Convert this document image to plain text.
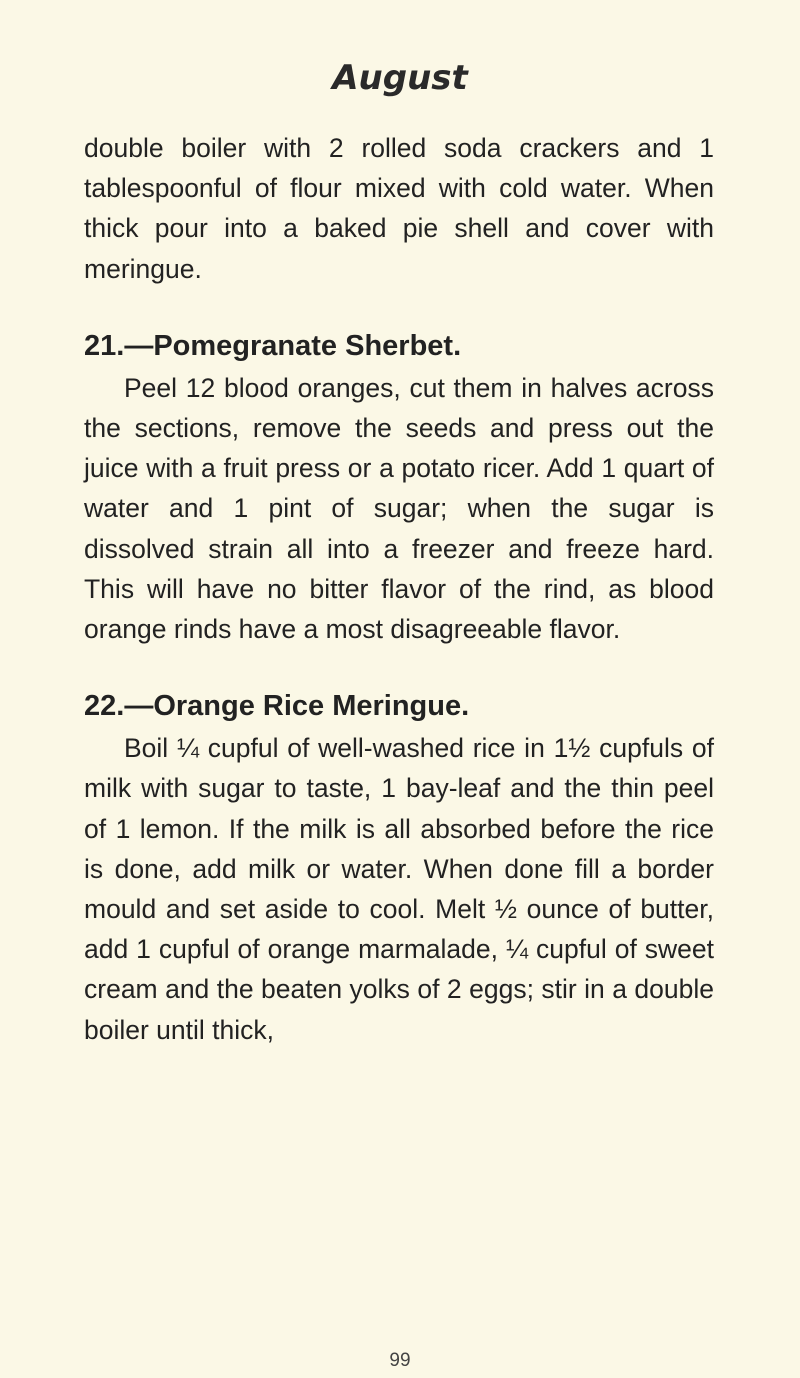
August

double boiler with 2 rolled soda crackers and 1 tablespoonful of flour mixed with cold water. When thick pour into a baked pie shell and cover with meringue.

21.—Pomegranate Sherbet.

Peel 12 blood oranges, cut them in halves across the sections, remove the seeds and press out the juice with a fruit press or a potato ricer. Add 1 quart of water and 1 pint of sugar; when the sugar is dissolved strain all into a freezer and freeze hard. This will have no bitter flavor of the rind, as blood orange rinds have a most disagreeable flavor.

22.—Orange Rice Meringue.

Boil ¼ cupful of well-washed rice in 1½ cupfuls of milk with sugar to taste, 1 bay-leaf and the thin peel of 1 lemon. If the milk is all absorbed before the rice is done, add milk or water. When done fill a border mould and set aside to cool. Melt ½ ounce of butter, add 1 cupful of orange marmalade, ¼ cupful of sweet cream and the beaten yolks of 2 eggs; stir in a double boiler until thick,

99
